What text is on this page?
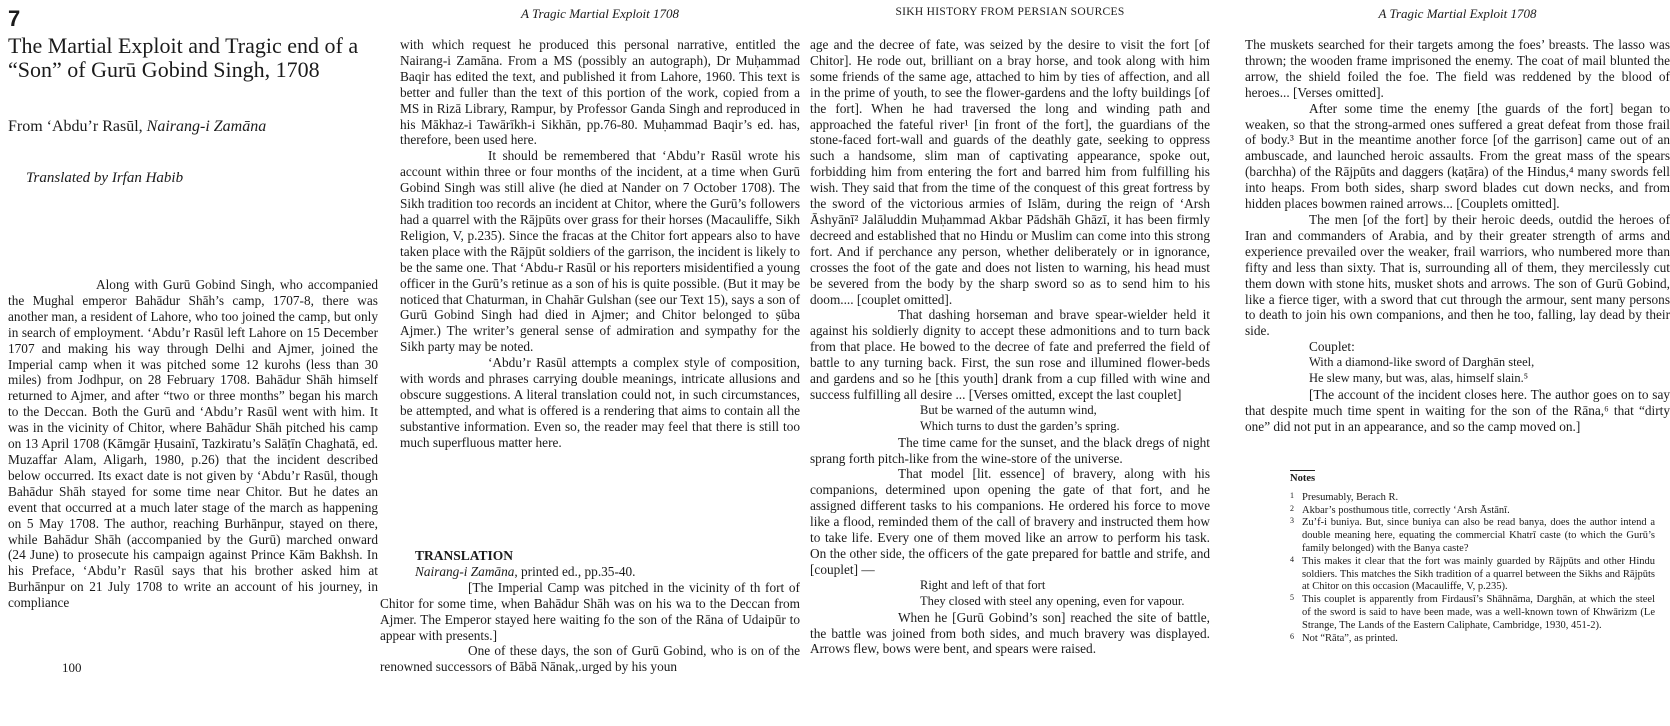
7
The Martial Exploit and Tragic end of a “Son” of Gurū Gobind Singh, 1708
From ‘Abdu’r Rasūl, Nairang-i Zamāna
Translated by Irfan Habib

Along with Gurū Gobind Singh, who accompanied the Mughal emperor Bahādur Shāh’s camp, 1707-8, there was another man, a resident of Lahore, who too joined the camp, but only in search of employment. ‘Abdu’r Rasūl left Lahore on 15 December 1707 and making his way through Delhi and Ajmer, joined the Imperial camp when it was pitched some 12 kurohs (less than 30 miles) from Jodhpur, on 28 February 1708. Bahādur Shāh himself returned to Ajmer, and after “two or three months” began his march to the Deccan. Both the Gurū and ‘Abdu’r Rasūl went with him. It was in the vicinity of Chitor, where Bahādur Shāh pitched his camp on 13 April 1708 (Kāmgār Ḥusainī, Tazkiratu’s Salāṭīn Chaghatā, ed. Muzaffar Alam, Aligarh, 1980, p.26) that the incident described below occurred. Its exact date is not given by ‘Abdu’r Rasūl, though Bahādur Shāh stayed for some time near Chitor. But he dates an event that occurred at a much later stage of the march as happening on 5 May 1708. The author, reaching Burhānpur, stayed on there, while Bahādur Shāh (accompanied by the Gurū) marched onward (24 June) to prosecute his campaign against Prince Kām Bakhsh. In his Preface, ‘Abdu’r Rasūl says that his brother asked him at Burhānpur on 21 July 1708 to write an account of his journey, in compliance

100
A Tragic Martial Exploit 1708

with which request he produced this personal narrative, entitled the Nairang-i Zamāna. From a MS (possibly an autograph), Dr Muḥammad Baqir has edited the text, and published it from Lahore, 1960. This text is better and fuller than the text of this portion of the work, copied from a MS in Rizā Library, Rampur, by Professor Ganda Singh and reproduced in his Mākhaz-i Tawārīkh-i Sikhān, pp.76-80. Muḥammad Baqir’s ed. has, therefore, been used here.

It should be remembered that ‘Abdu’r Rasūl wrote his account within three or four months of the incident, at a time when Gurū Gobind Singh was still alive (he died at Nander on 7 October 1708). The Sikh tradition too records an incident at Chitor, where the Gurū’s followers had a quarrel with the Rājpūts over grass for their horses (Macauliffe, Sikh Religion, V, p.235). Since the fracas at the Chitor fort appears also to have taken place with the Rājpūt soldiers of the garrison, the incident is likely to be the same one. That ‘Abdu-r Rasūl or his reporters misidentified a young officer in the Gurū’s retinue as a son of his is quite possible. (But it may be noticed that Chaturman, in Chahār Gulshan (see our Text 15), says a son of Gurū Gobind Singh had died in Ajmer; and Chitor belonged to ṣūba Ajmer.) The writer’s general sense of admiration and sympathy for the Sikh party may be noted.

‘Abdu’r Rasūl attempts a complex style of composition, with words and phrases carrying double meanings, intricate allusions and obscure suggestions. A literal translation could not, in such circumstances, be attempted, and what is offered is a rendering that aims to contain all the substantive information. Even so, the reader may feel that there is still too much superfluous matter here.

TRANSLATION

Nairang-i Zamāna, printed ed., pp.35-40.

[The Imperial Camp was pitched in the vicinity of th fort of Chitor for some time, when Bahādur Shāh was on his wa to the Deccan from Ajmer. The Emperor stayed here waiting fo the son of the Rāna of Udaipūr to appear with presents.]

One of these days, the son of Gurū Gobind, who is on of the renowned successors of Bābā Nānak,.urged by his youn

SIKH HISTORY FROM PERSIAN SOURCES

age and the decree of fate, was seized by the desire to visit the fort [of Chitor]. He rode out, brilliant on a bray horse, and took along with him some friends of the same age, attached to him by ties of affection, and all in the prime of youth, to see the flower-gardens and the lofty buildings [of the fort]. When he had traversed the long and winding path and approached the fateful river¹ [in front of the fort], the guardians of the stone-faced fort-wall and guards of the deathly gate, seeking to oppress such a handsome, slim man of captivating appearance, spoke out, forbidding him from entering the fort and barred him from fulfilling his wish. They said that from the time of the conquest of this great fortress by the sword of the victorious armies of Islām, during the reign of ‘Arsh Āshyānī² Jalāluddin Muḥammad Akbar Pādshāh Ghāzī, it has been firmly decreed and established that no Hindu or Muslim can come into this strong fort. And if perchance any person, whether deliberately or in ignorance, crosses the foot of the gate and does not listen to warning, his head must be severed from the body by the sharp sword so as to send him to his doom.... [couplet omitted].

That dashing horseman and brave spear-wielder held it against his soldierly dignity to accept these admonitions and to turn back from that place. He bowed to the decree of fate and preferred the field of battle to any turning back. First, the sun rose and illumined flower-beds and gardens and so he [this youth] drank from a cup filled with wine and success fulfilling all desire ... [Verses omitted, except the last couplet]

But be warned of the autumn wind,

Which turns to dust the garden’s spring.

The time came for the sunset, and the black dregs of night sprang forth pitch-like from the wine-store of the universe.

That model [lit. essence] of bravery, along with his companions, determined upon opening the gate of that fort, and he assigned different tasks to his companions. He ordered his force to move like a flood, reminded them of the call of bravery and instructed them how to take life. Every one of them moved like an arrow to perform his task. On the other side, the officers of the gate prepared for battle and strife, and [couplet] —

Right and left of that fort

They closed with steel any opening, even for vapour.

When he [Gurū Gobind’s son] reached the site of battle, the battle was joined from both sides, and much bravery was displayed. Arrows flew, bows were bent, and spears were raised.

A Tragic Martial Exploit 1708

The muskets searched for their targets among the foes’ breasts. The lasso was thrown; the wooden frame imprisoned the enemy. The coat of mail blunted the arrow, the shield foiled the foe. The field was reddened by the blood of heroes... [Verses omitted].

After some time the enemy [the guards of the fort] began to weaken, so that the strong-armed ones suffered a great defeat from those frail of body.³ But in the meantime another force [of the garrison] came out of an ambuscade, and launched heroic assaults. From the great mass of the spears (barchha) of the Rājpūts and daggers (kaṭāra) of the Hindus,⁴ many swords fell into heaps. From both sides, sharp sword blades cut down necks, and from hidden places bowmen rained arrows... [Couplets omitted].

The men [of the fort] by their heroic deeds, outdid the heroes of Iran and commanders of Arabia, and by their greater strength of arms and experience prevailed over the weaker, frail warriors, who numbered more than fifty and less than sixty. That is, surrounding all of them, they mercilessly cut them down with stone hits, musket shots and arrows. The son of Gurū Gobind, like a fierce tiger, with a sword that cut through the armour, sent many persons to death to join his own companions, and then he too, falling, lay dead by their side.

Couplet:

With a diamond-like sword of Darghān steel,

He slew many, but was, alas, himself slain.⁵

[The account of the incident closes here. The author goes on to say that despite much time spent in waiting for the son of the Rāna,⁶ that “dirty one” did not put in an appearance, and so the camp moved on.]

Notes
1 Presumably, Berach R.
2 Akbar’s posthumous title, correctly ‘Arsh Āstānī.
3 Zu’f-i buniya. But, since buniya can also be read banya, does the author intend a double meaning here, equating the commercial Khatrī caste (to which the Gurū’s family belonged) with the Banya caste?
4 This makes it clear that the fort was mainly guarded by Rājpūts and other Hindu soldiers. This matches the Sikh tradition of a quarrel between the Sikhs and Rājpūts at Chitor on this occasion (Macauliffe, V, p.235).
5 This couplet is apparently from Firdausī’s Shāhnāma, Darghān, at which the steel of the sword is said to have been made, was a well-known town of Khwārizm (Le Strange, The Lands of the Eastern Caliphate, Cambridge, 1930, 451-2).
6 Not “Rāta”, as printed.
